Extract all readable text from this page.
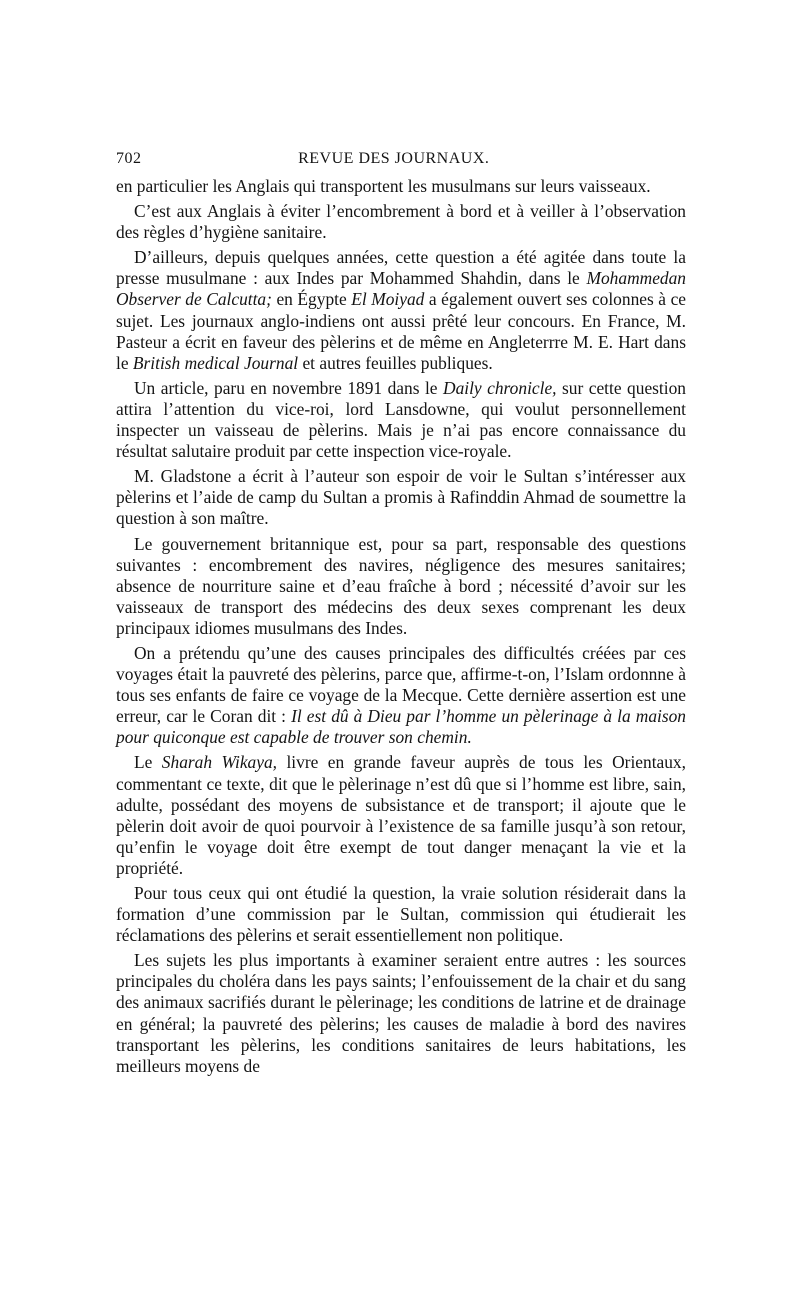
702	REVUE DES JOURNAUX.

en particulier les Anglais qui transportent les musulmans sur leurs vaisseaux.

C’est aux Anglais à éviter l’encombrement à bord et à veiller à l’observation des règles d’hygiène sanitaire.

D’ailleurs, depuis quelques années, cette question a été agitée dans toute la presse musulmane : aux Indes par Mohammed Shahdin, dans le Mohammedan Observer de Calcutta; en Égypte El Moiyad a également ouvert ses colonnes à ce sujet. Les journaux anglo-indiens ont aussi prêté leur concours. En France, M. Pasteur a écrit en faveur des pèlerins et de même en Angleterrre M. E. Hart dans le British medical Journal et autres feuilles publiques.

Un article, paru en novembre 1891 dans le Daily chronicle, sur cette question attira l’attention du vice-roi, lord Lansdowne, qui voulut personnellement inspecter un vaisseau de pèlerins. Mais je n’ai pas encore connaissance du résultat salutaire produit par cette inspection vice-royale.

M. Gladstone a écrit à l’auteur son espoir de voir le Sultan s’intéresser aux pèlerins et l’aide de camp du Sultan a promis à Rafinddin Ahmad de soumettre la question à son maître.

Le gouvernement britannique est, pour sa part, responsable des questions suivantes : encombrement des navires, négligence des mesures sanitaires; absence de nourriture saine et d’eau fraîche à bord ; nécessité d’avoir sur les vaisseaux de transport des médecins des deux sexes comprenant les deux principaux idiomes musulmans des Indes.

On a prétendu qu’une des causes principales des difficultés créées par ces voyages était la pauvreté des pèlerins, parce que, affirme-t-on, l’Islam ordonnne à tous ses enfants de faire ce voyage de la Mecque. Cette dernière assertion est une erreur, car le Coran dit : Il est dû à Dieu par l’homme un pèlerinage à la maison pour quiconque est capable de trouver son chemin.

Le Sharah Wikaya, livre en grande faveur auprès de tous les Orientaux, commentant ce texte, dit que le pèlerinage n’est dû que si l’homme est libre, sain, adulte, possédant des moyens de subsistance et de transport; il ajoute que le pèlerin doit avoir de quoi pourvoir à l’existence de sa famille jusqu’à son retour, qu’enfin le voyage doit être exempt de tout danger menaçant la vie et la propriété.

Pour tous ceux qui ont étudié la question, la vraie solution résiderait dans la formation d’une commission par le Sultan, commission qui étudierait les réclamations des pèlerins et serait essentiellement non politique.

Les sujets les plus importants à examiner seraient entre autres : les sources principales du choléra dans les pays saints; l’enfouissement de la chair et du sang des animaux sacrifiés durant le pèlerinage; les conditions de latrine et de drainage en général; la pauvreté des pèlerins; les causes de maladie à bord des navires transportant les pèlerins, les conditions sanitaires de leurs habitations, les meilleurs moyens de
